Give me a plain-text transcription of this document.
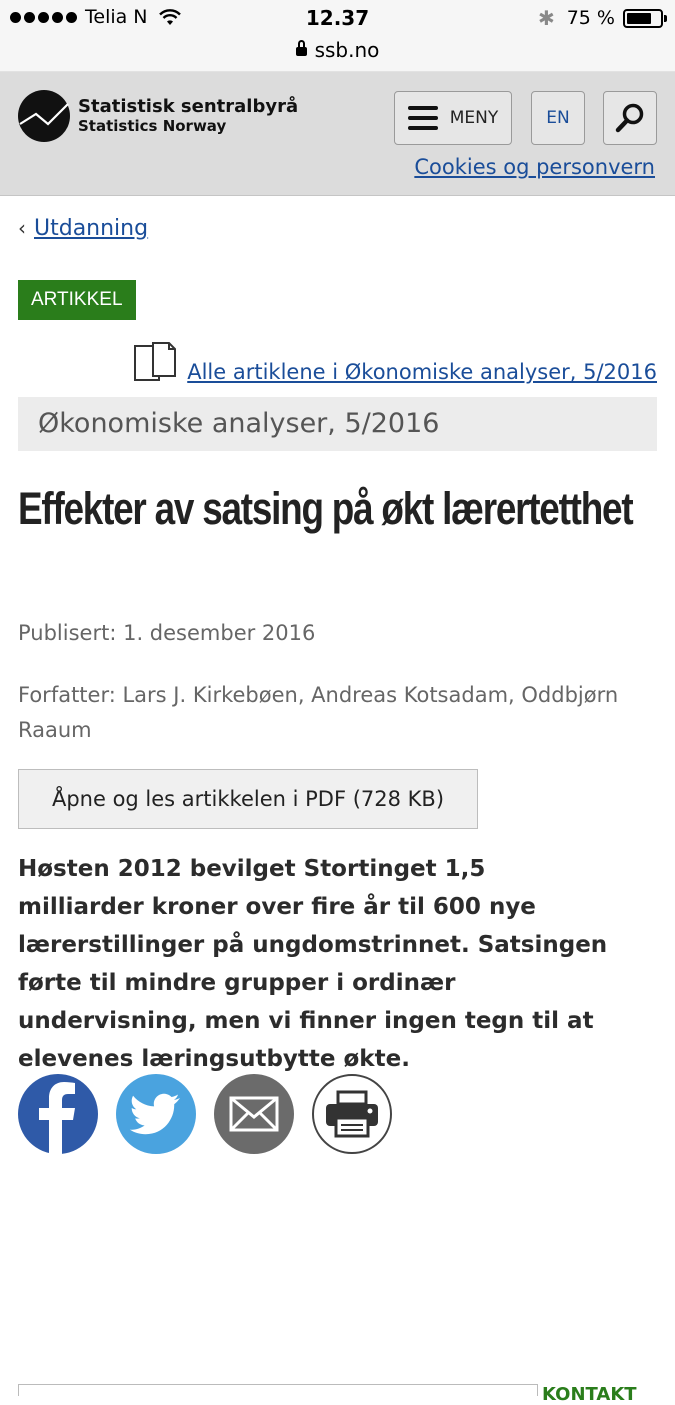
Telia N	12.37
ssb.no
✱ 75 %
Statistisk sentralbyrå
Statistics Norway	MENY	EN
Cookies og personvern
‹ Utdanning
ARTIKKEL
Alle artiklene i Økonomiske analyser, 5/2016
Økonomiske analyser, 5/2016
Effekter av satsing på økt lærertetthet
Publisert: 1. desember 2016
Forfatter: Lars J. Kirkebøen, Andreas Kotsadam, Oddbjørn Raaum
Åpne og les artikkelen i PDF (728 KB)

Høsten 2012 bevilget Stortinget 1,5 milliarder kroner over fire år til 600 nye lærerstillinger på ungdomstrinnet. Satsingen førte til mindre grupper i ordinær undervisning, men vi finner ingen tegn til at elevenes læringsutbytte økte.

KONTAKT
